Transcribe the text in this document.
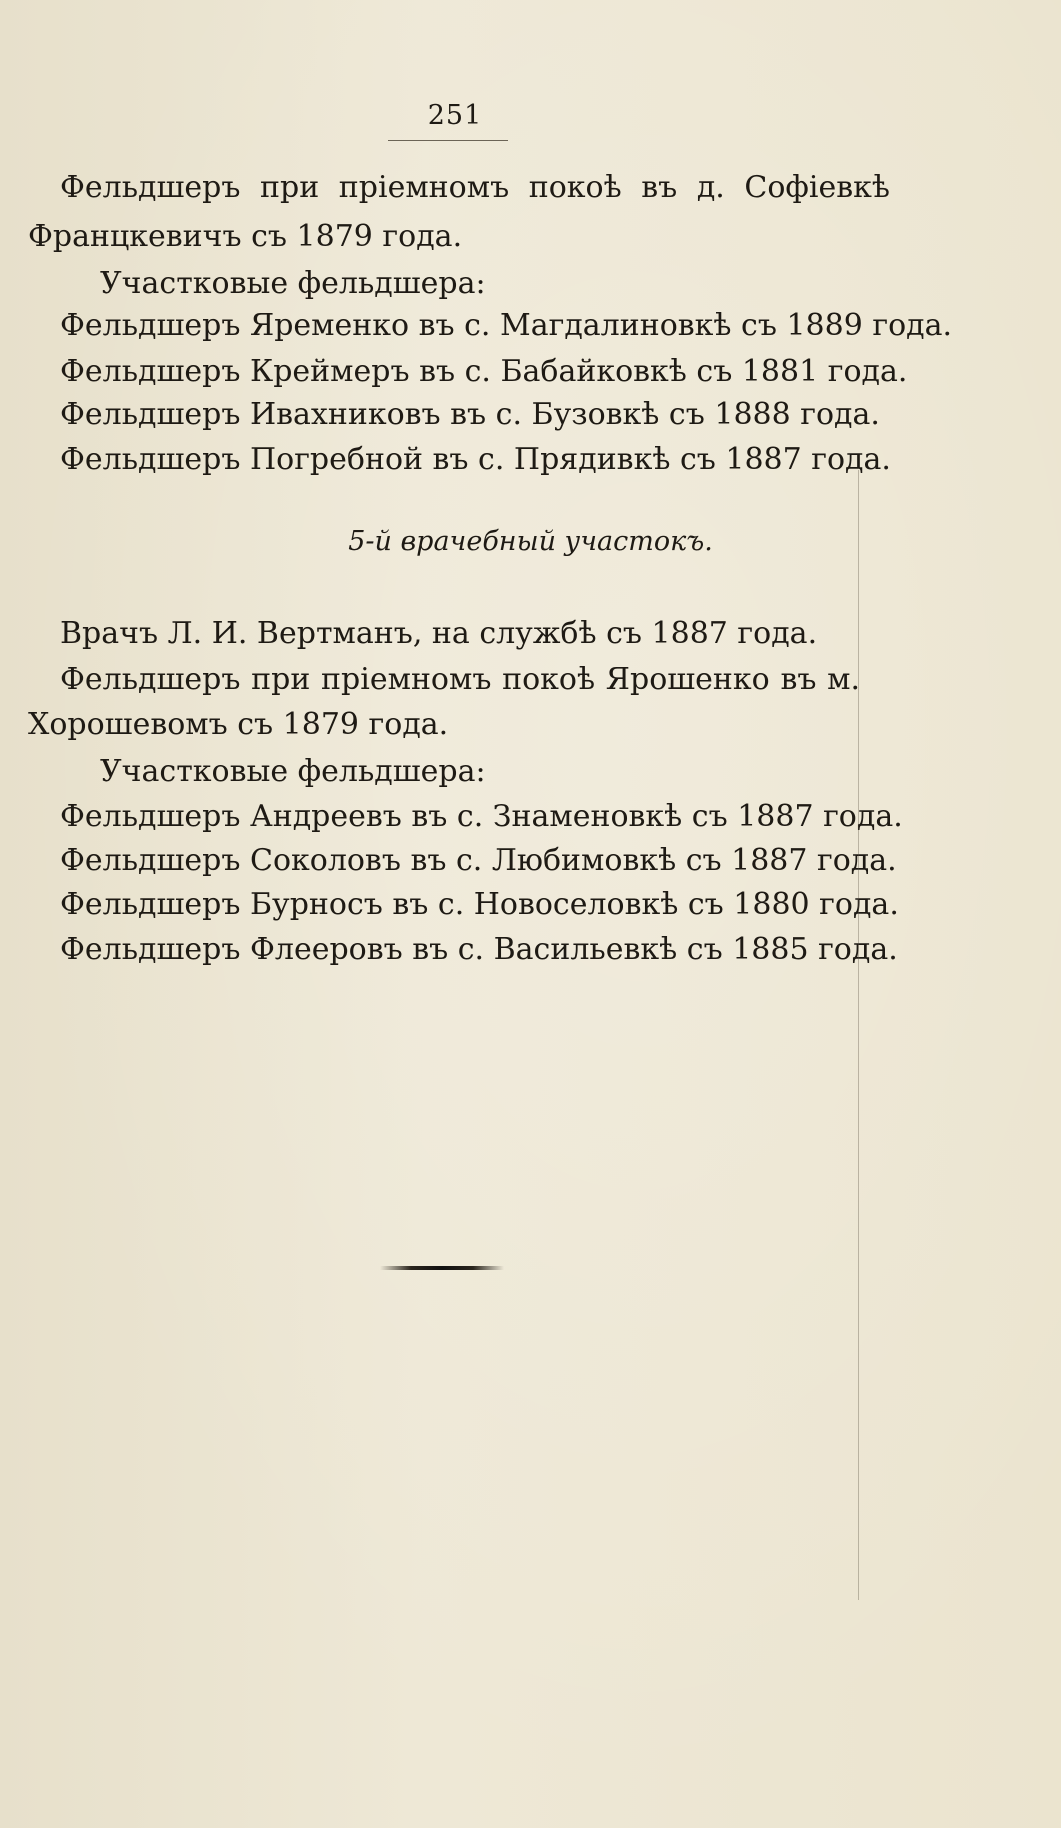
251
Фельдшеръ при пріемномъ покоѣ въ д. Софіевкѣ
Францкевичъ съ 1879 года.
Участковые фельдшера:
Фельдшеръ Яременко въ с. Магдалиновкѣ съ 1889 года.
Фельдшеръ Креймеръ въ с. Бабайковкѣ съ 1881 года.
Фельдшеръ Ивахниковъ въ с. Бузовкѣ съ 1888 года.
Фельдшеръ Погребной въ с. Прядивкѣ съ 1887 года.
5-й врачебный участокъ.
Врачъ Л. И. Вертманъ, на службѣ съ 1887 года.
Фельдшеръ при пріемномъ покоѣ Ярошенко въ м.
Хорошевомъ съ 1879 года.
Участковые фельдшера:
Фельдшеръ Андреевъ въ с. Знаменовкѣ съ 1887 года.
Фельдшеръ Соколовъ въ с. Любимовкѣ съ 1887 года.
Фельдшеръ Бурносъ въ с. Новоселовкѣ съ 1880 года.
Фельдшеръ Флееровъ въ с. Васильевкѣ съ 1885 года.
